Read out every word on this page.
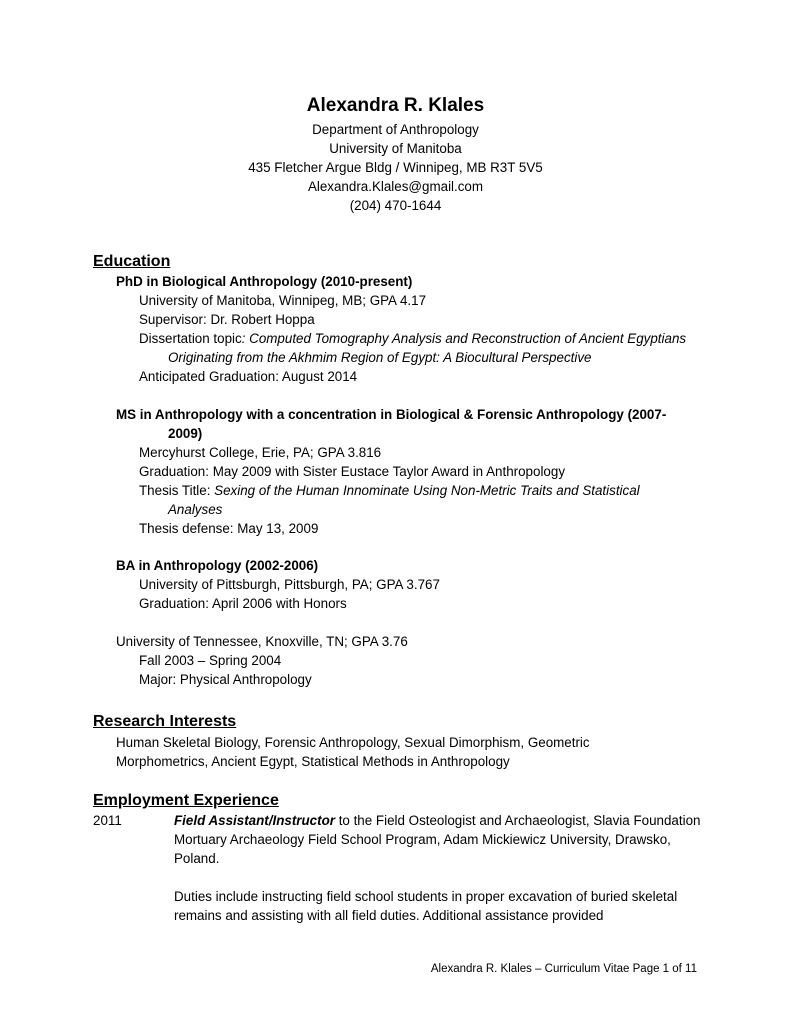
Alexandra R. Klales
Department of Anthropology
University of Manitoba
435 Fletcher Argue Bldg / Winnipeg, MB R3T 5V5
Alexandra.Klales@gmail.com
(204) 470-1644
Education
PhD in Biological Anthropology (2010-present)
University of Manitoba, Winnipeg, MB; GPA 4.17
Supervisor: Dr. Robert Hoppa
Dissertation topic: Computed Tomography Analysis and Reconstruction of Ancient Egyptians Originating from the Akhmim Region of Egypt: A Biocultural Perspective
Anticipated Graduation: August 2014
MS in Anthropology with a concentration in Biological & Forensic Anthropology (2007-2009)
Mercyhurst College, Erie, PA; GPA 3.816
Graduation: May 2009 with Sister Eustace Taylor Award in Anthropology
Thesis Title: Sexing of the Human Innominate Using Non-Metric Traits and Statistical Analyses
Thesis defense: May 13, 2009
BA in Anthropology (2002-2006)
University of Pittsburgh, Pittsburgh, PA; GPA 3.767
Graduation: April 2006 with Honors
University of Tennessee, Knoxville, TN; GPA 3.76
Fall 2003 – Spring 2004
Major: Physical Anthropology
Research Interests
Human Skeletal Biology, Forensic Anthropology, Sexual Dimorphism, Geometric Morphometrics, Ancient Egypt, Statistical Methods in Anthropology
Employment Experience
2011	Field Assistant/Instructor to the Field Osteologist and Archaeologist, Slavia Foundation Mortuary Archaeology Field School Program, Adam Mickiewicz University, Drawsko, Poland.
Duties include instructing field school students in proper excavation of buried skeletal remains and assisting with all field duties. Additional assistance provided
Alexandra R. Klales – Curriculum Vitae Page 1 of 11
